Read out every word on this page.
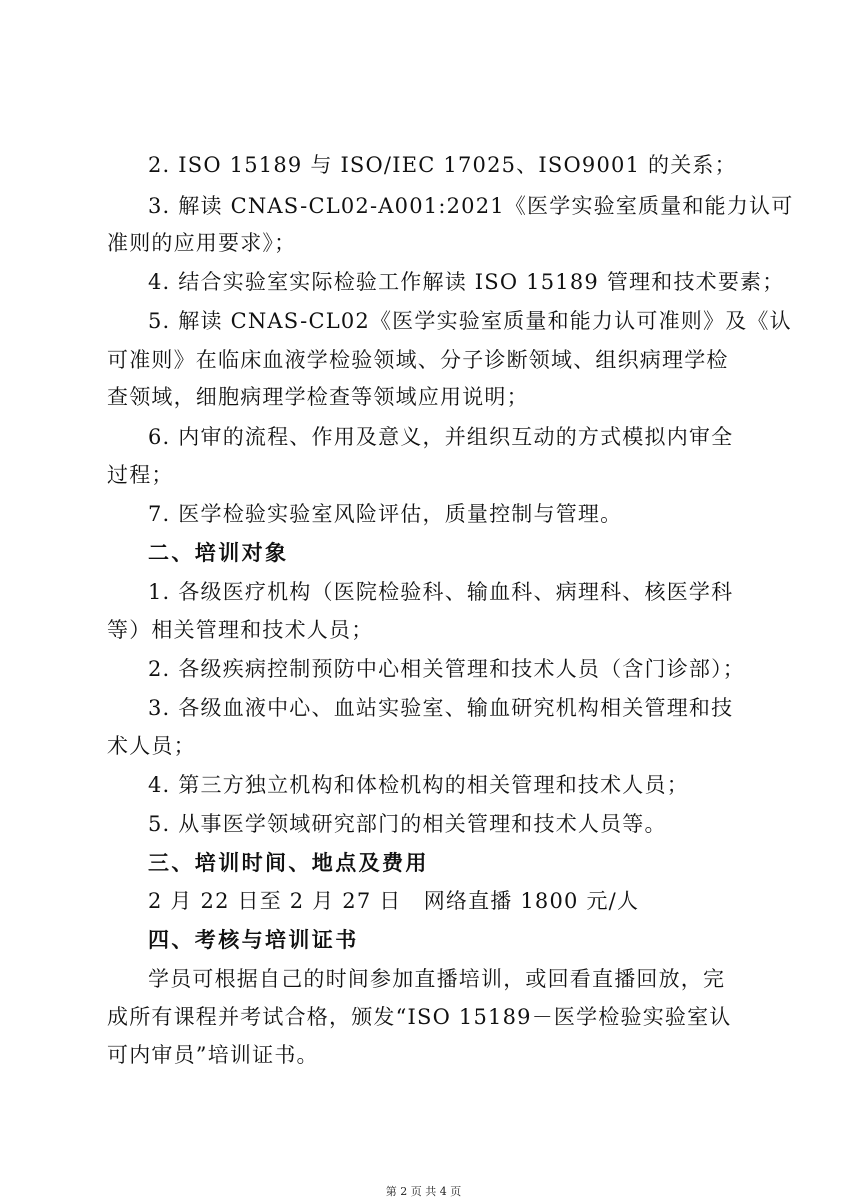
2. ISO 15189 与 ISO/IEC 17025、ISO9001 的关系；
3. 解读 CNAS-CL02-A001:2021《医学实验室质量和能力认可
准则的应用要求》；
4. 结合实验室实际检验工作解读 ISO 15189 管理和技术要素；
5. 解读 CNAS-CL02《医学实验室质量和能力认可准则》及《认
可准则》在临床血液学检验领域、分子诊断领域、组织病理学检
查领域，细胞病理学检查等领域应用说明；
6. 内审的流程、作用及意义，并组织互动的方式模拟内审全
过程；
7. 医学检验实验室风险评估，质量控制与管理。
二、培训对象
1. 各级医疗机构（医院检验科、输血科、病理科、核医学科
等）相关管理和技术人员；
2. 各级疾病控制预防中心相关管理和技术人员（含门诊部）；
3. 各级血液中心、血站实验室、输血研究机构相关管理和技
术人员；
4. 第三方独立机构和体检机构的相关管理和技术人员；
5. 从事医学领域研究部门的相关管理和技术人员等。
三、培训时间、地点及费用
2 月 22 日至 2 月 27 日　网络直播 1800 元/人
四、考核与培训证书
学员可根据自己的时间参加直播培训，或回看直播回放，完
成所有课程并考试合格，颁发“ISO 15189－医学检验实验室认
可内审员”培训证书。
第 2 页 共 4 页
